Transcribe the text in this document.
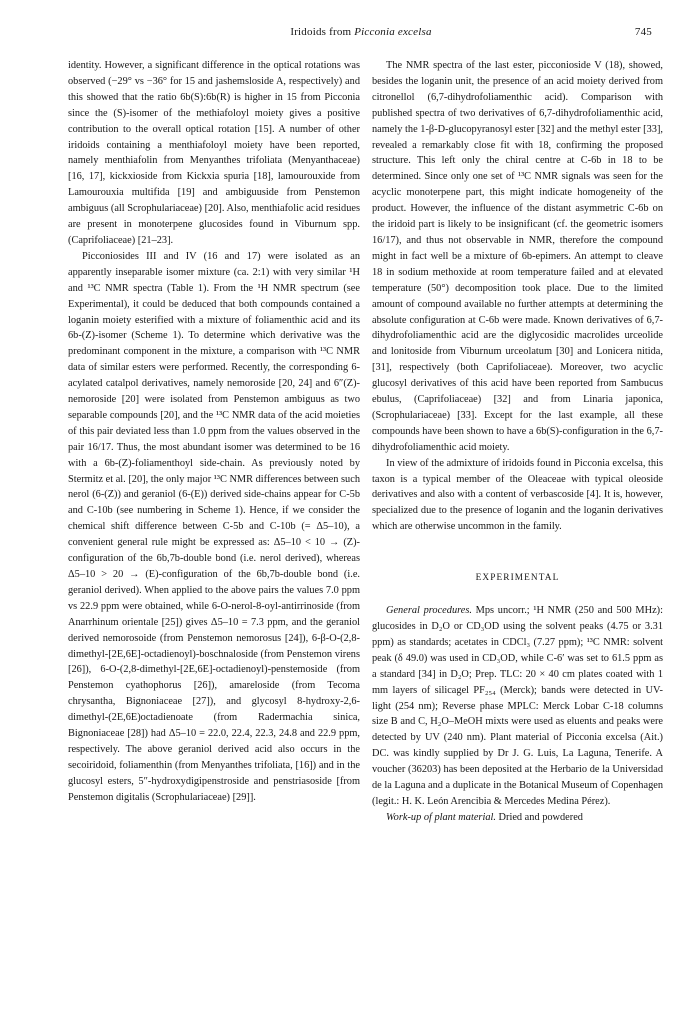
Iridoids from Picconia excelsa	745

identity. However, a significant difference in the optical rotations was observed (−29° vs −36° for 15 and jashemsloside A, respectively) and this showed that the ratio 6b(S):6b(R) is higher in 15 from Picconia since the (S)-isomer of the methiafoloyl moiety gives a positive contribution to the overall optical rotation [15]. A number of other iridoids containing a menthiafoloyl moiety have been reported, namely menthiafolin from Menyanthes trifoliata (Menyanthaceae) [16, 17], kickxioside from Kickxia spuria [18], lamourouxide from Lamourouxia multifida [19] and ambiguuside from Penstemon ambiguus (all Scrophulariaceae) [20]. Also, menthiafolic acid residues are present in monoterpene glucosides found in Viburnum spp. (Caprifoliaceae) [21–23].

Picconiosides III and IV (16 and 17) were isolated as an apparently inseparable isomer mixture (ca. 2:1) with very similar ¹H and ¹³C NMR spectra (Table 1). From the ¹H NMR spectrum (see Experimental), it could be deduced that both compounds contained a loganin moiety esterified with a mixture of foliamenthic acid and its 6b-(Z)-isomer (Scheme 1). To determine which derivative was the predominant component in the mixture, a comparison with ¹³C NMR data of similar esters were performed. Recently, the corresponding 6-acylated catalpol derivatives, namely nemoroside [20, 24] and 6″(Z)-nemoroside [20] were isolated from Penstemon ambiguus as two separable compounds [20], and the ¹³C NMR data of the acid moieties of this pair deviated less than 1.0 ppm from the values observed in the pair 16/17. Thus, the most abundant isomer was determined to be 16 with a 6b-(Z)-foliamenthoyl side-chain. As previously noted by Stermitz et al. [20], the only major ¹³C NMR differences between such nerol (6-(Z)) and geraniol (6-(E)) derived side-chains appear for C-5b and C-10b (see numbering in Scheme 1). Hence, if we consider the chemical shift difference between C-5b and C-10b (= Δ5–10), a convenient general rule might be expressed as: Δ5–10 < 10 → (Z)-configuration of the 6b,7b-double bond (i.e. nerol derived), whereas Δ5–10 > 20 → (E)-configuration of the 6b,7b-double bond (i.e. geraniol derived). When applied to the above pairs the values 7.0 ppm vs 22.9 ppm were obtained, while 6-O-nerol-8-oyl-antirrinoside (from Anarrhinum orientale [25]) gives Δ5–10 = 7.3 ppm, and the geraniol derived nemorosoide (from Penstemon nemorosus [24]), 6-β-O-(2,8-dimethyl-[2E,6E]-octadienoyl)-boschnaloside (from Penstemon virens [26]), 6-O-(2,8-dimethyl-[2E,6E]-octadienoyl)-penstemoside (from Penstemon cyathophorus [26]), amareloside (from Tecoma chrysantha, Bignoniaceae [27]), and glycosyl 8-hydroxy-2,6-dimethyl-(2E,6E)octadienoate (from Radermachia sinica, Bignoniaceae [28]) had Δ5–10 = 22.0, 22.4, 22.3, 24.8 and 22.9 ppm, respectively. The above geraniol derived acid also occurs in the secoiridoid, foliamenthin (from Menyanthes trifoliata, [16]) and in the glucosyl esters, 5″-hydroxydigipenstroside and penstriasoside [from Penstemon digitalis (Scrophulariaceae) [29]].

The NMR spectra of the last ester, picconioside V (18), showed, besides the loganin unit, the presence of an acid moiety derived from citronellol (6,7-dihydrofoliamenthic acid). Comparison with published spectra of two derivatives of 6,7-dihydrofoliamenthic acid, namely the 1-β-D-glucopyranosyl ester [32] and the methyl ester [33], revealed a remarkably close fit with 18, confirming the proposed structure. This left only the chiral centre at C-6b in 18 to be determined. Since only one set of ¹³C NMR signals was seen for the acyclic monoterpene part, this might indicate homogeneity of the product. However, the influence of the distant asymmetric C-6b on the iridoid part is likely to be insignificant (cf. the geometric isomers 16/17), and thus not observable in NMR, therefore the compound might in fact well be a mixture of 6b-epimers. An attempt to cleave 18 in sodium methoxide at room temperature failed and at elevated temperature (50°) decomposition took place. Due to the limited amount of compound available no further attempts at determining the absolute configuration at C-6b were made. Known derivatives of 6,7-dihydrofoliamenthic acid are the diglycosidic macrolides urceolide and lonitoside from Viburnum urceolatum [30] and Lonicera nitida, [31], respectively (both Caprifoliaceae). Moreover, two acyclic glucosyl derivatives of this acid have been reported from Sambucus ebulus, (Caprifoliaceae) [32] and from Linaria japonica, (Scrophulariaceae) [33]. Except for the last example, all these compounds have been shown to have a 6b(S)-configuration in the 6,7-dihydrofoliamenthic acid moiety.

In view of the admixture of iridoids found in Picconia excelsa, this taxon is a typical member of the Oleaceae with typical oleoside derivatives and also with a content of verbascoside [4]. It is, however, specialized due to the presence of loganin and the loganin derivatives which are otherwise uncommon in the family.

EXPERIMENTAL

General procedures. Mps uncorr.; ¹H NMR (250 and 500 MHz): glucosides in D₂O or CD₃OD using the solvent peaks (4.75 or 3.31 ppm) as standards; acetates in CDCl₃ (7.27 ppm); ¹³C NMR: solvent peak (δ 49.0) was used in CD₃OD, while C-6′ was set to 61.5 ppm as a standard [34] in D₂O; Prep. TLC: 20 × 40 cm plates coated with 1 mm layers of silicagel PF₂₅₄ (Merck); bands were detected in UV-light (254 nm); Reverse phase MPLC: Merck Lobar C-18 columns size B and C, H₂O–MeOH mixts were used as eluents and peaks were detected by UV (240 nm). Plant material of Picconia excelsa (Ait.) DC. was kindly supplied by Dr J. G. Luis, La Laguna, Tenerife. A voucher (36203) has been deposited at the Herbario de la Universidad de la Laguna and a duplicate in the Botanical Museum of Copenhagen (legit.: H. K. León Arencibia & Mercedes Medina Pérez).

Work-up of plant material. Dried and powdered
